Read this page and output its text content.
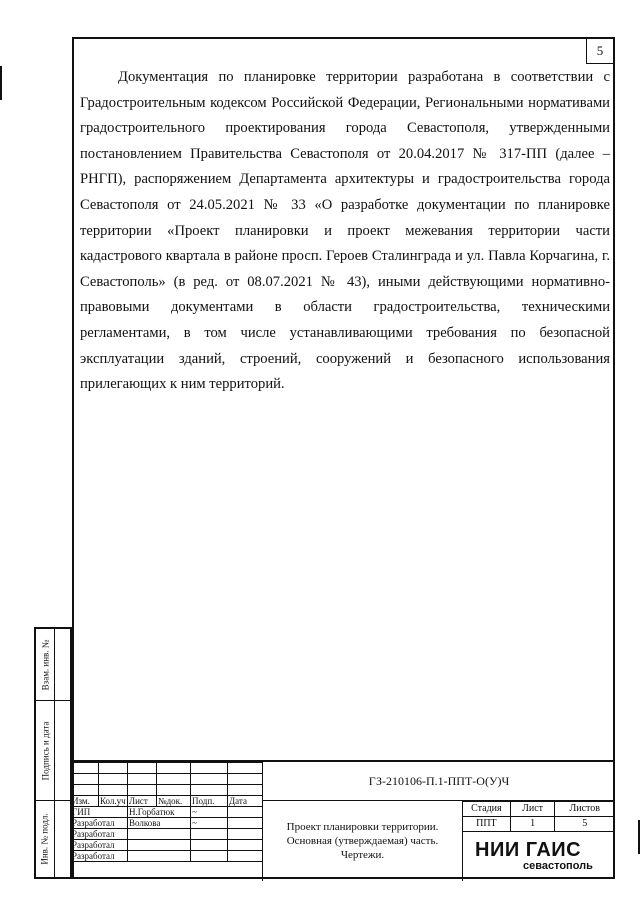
5

Документация по планировке территории разработана в соответствии с Градостроительным кодексом Российской Федерации, Региональными нормативами градостроительного проектирования города Севастополя, утвержденными постановлением Правительства Севастополя от 20.04.2017 № 317-ПП (далее – РНГП), распоряжением Департамента архитектуры и градостроительства города Севастополя от 24.05.2021 № 33 «О разработке документации по планировке территории «Проект планировки и проект межевания территории части кадастрового квартала в районе просп. Героев Сталинграда и ул. Павла Корчагина, г. Севастополь» (в ред. от 08.07.2021 № 43), иными действующими нормативно-правовыми документами в области градостроительства, техническими регламентами, в том числе устанавливающими требования по безопасной эксплуатации зданий, строений, сооружений и безопасного использования прилегающих к ним территорий.

Взам. инв. №
Подпись и дата
Инв. № подл.

Изм.	Кол.уч	Лист	№док.	Подп.	Дата
ГИП		Н.Горбатюк		~	
Разработал		Волкова		~	
Разработал					
Разработал					
Разработал					
ГЗ-210106-П.1-ППТ-О(У)Ч
Проект планировки территории.
Основная (утверждаемая) часть.
Чертежи.
Стадия	Лист	Листов
ППТ	1	5
НИИ ГАИС
севастополь
